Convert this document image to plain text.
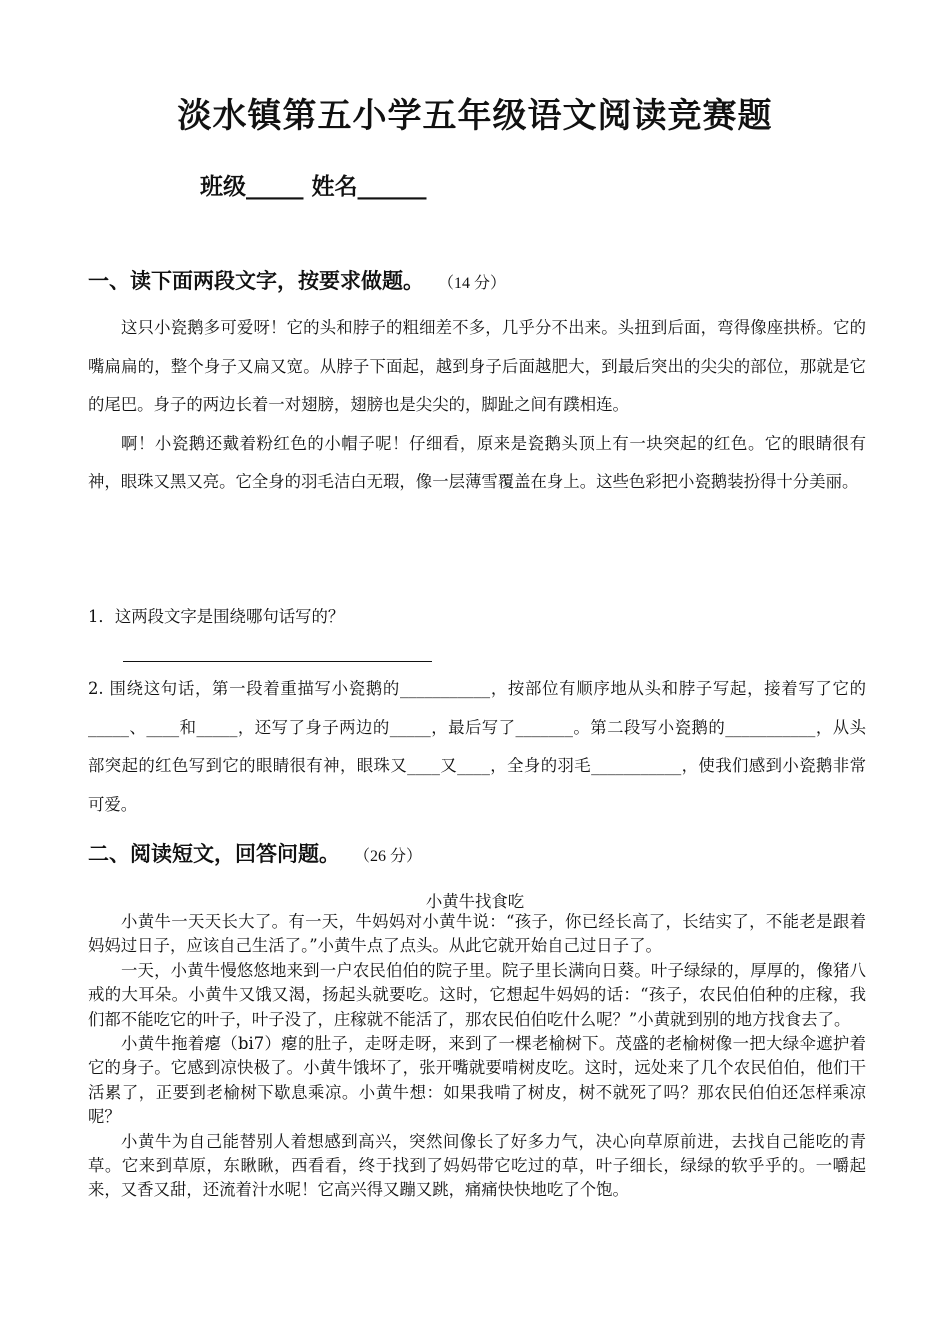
淡水镇第五小学五年级语文阅读竞赛题
班级_____ 姓名______
一、读下面两段文字，按要求做题。 （14 分）

这只小瓷鹅多可爱呀！它的头和脖子的粗细差不多，几乎分不出来。头扭到后面，弯得像座拱桥。它的嘴扁扁的，整个身子又扁又宽。从脖子下面起，越到身子后面越肥大，到最后突出的尖尖的部位，那就是它的尾巴。身子的两边长着一对翅膀，翅膀也是尖尖的，脚趾之间有蹼相连。

啊！小瓷鹅还戴着粉红色的小帽子呢！仔细看，原来是瓷鹅头顶上有一块突起的红色。它的眼睛很有神，眼珠又黑又亮。它全身的羽毛洁白无瑕，像一层薄雪覆盖在身上。这些色彩把小瓷鹅装扮得十分美丽。

1．这两段文字是围绕哪句话写的？

2. 围绕这句话，第一段着重描写小瓷鹅的___________，按部位有顺序地从头和脖子写起，接着写了它的_____、____和_____，还写了身子两边的_____，最后写了_______。第二段写小瓷鹅的___________，从头部突起的红色写到它的眼睛很有神，眼珠又____又____，全身的羽毛___________，使我们感到小瓷鹅非常可爱。

二、阅读短文，回答问题。 （26 分）
小黄牛找食吃

小黄牛一天天长大了。有一天，牛妈妈对小黄牛说：“孩子，你已经长高了，长结实了，不能老是跟着妈妈过日子，应该自己生活了。”小黄牛点了点头。从此它就开始自己过日子了。

一天，小黄牛慢悠悠地来到一户农民伯伯的院子里。院子里长满向日葵。叶子绿绿的，厚厚的，像猪八戒的大耳朵。小黄牛又饿又渴，扬起头就要吃。这时，它想起牛妈妈的话：“孩子，农民伯伯种的庄稼，我们都不能吃它的叶子，叶子没了，庄稼就不能活了，那农民伯伯吃什么呢？”小黄就到别的地方找食去了。

小黄牛拖着瘪（bi7）瘪的肚子，走呀走呀，来到了一棵老榆树下。茂盛的老榆树像一把大绿伞遮护着它的身子。它感到凉快极了。小黄牛饿坏了，张开嘴就要啃树皮吃。这时，远处来了几个农民伯伯，他们干活累了，正要到老榆树下歇息乘凉。小黄牛想：如果我啃了树皮，树不就死了吗？那农民伯伯还怎样乘凉呢？

小黄牛为自己能替别人着想感到高兴，突然间像长了好多力气，决心向草原前进，去找自己能吃的青草。它来到草原，东瞅瞅，西看看，终于找到了妈妈带它吃过的草，叶子细长，绿绿的软乎乎的。一嚼起来，又香又甜，还流着汁水呢！它高兴得又蹦又跳，痛痛快快地吃了个饱。
